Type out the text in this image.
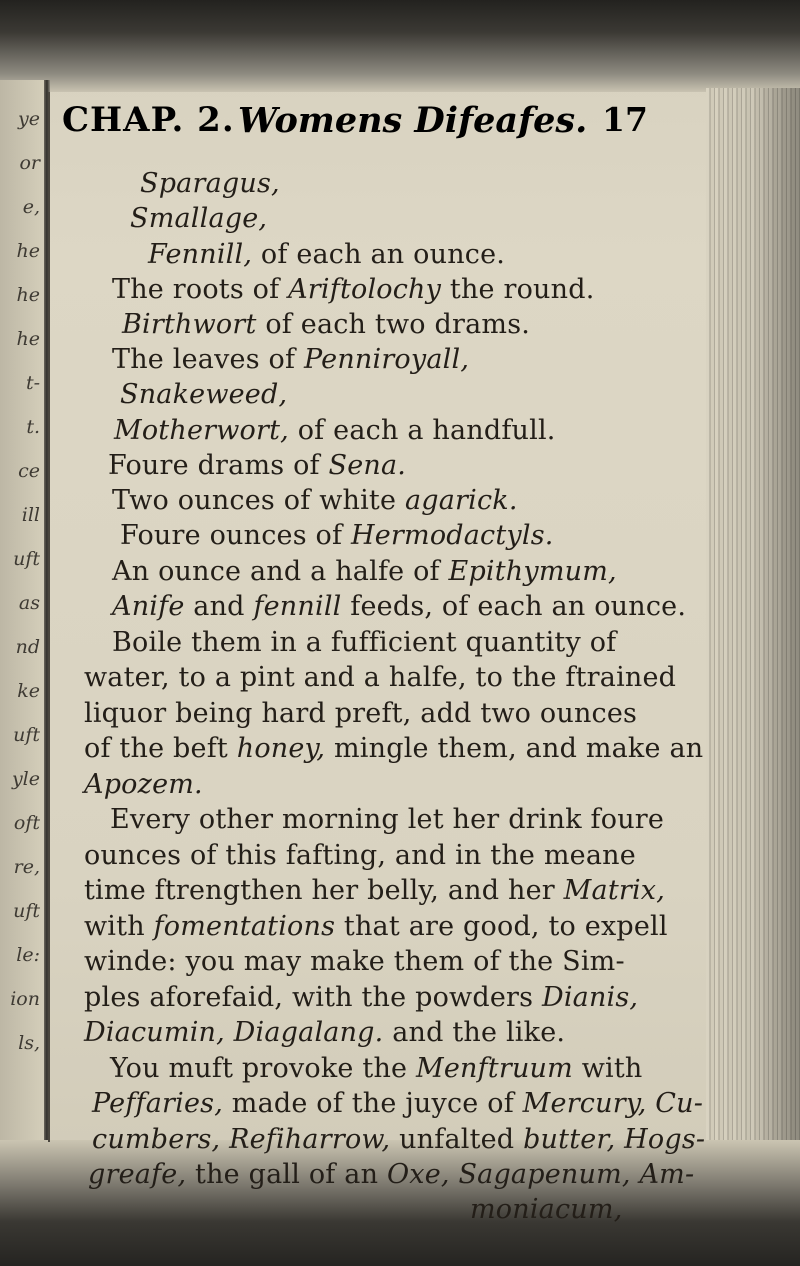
ye
or
e,
he
he
he
t-
t.
ce
ill
uft
as
nd
ke
uft
yle
oft
re,
uft
le:
ion
ls,
CHAP. 2. Womens Difeafes. 17
Sparagus,
Smallage,
Fennill, of each an ounce.
The roots of Ariftolochy the round.
Birthwort of each two drams.
The leaves of Penniroyall,
Snakeweed,
Motherwort, of each a handfull.
Foure drams of Sena.
Two ounces of white agarick.
Foure ounces of Hermodactyls.
An ounce and a halfe of Epithymum,
Anife and fennill feeds, of each an ounce.
Boile them in a fufficient quantity of
water, to a pint and a halfe, to the ftrained
liquor being hard preft, add two ounces
of the beft honey, mingle them, and make an
Apozem.
Every other morning let her drink foure
ounces of this fafting, and in the meane
time ftrengthen her belly, and her Matrix,
with fomentations that are good, to expell
winde: you may make them of the Sim-
ples aforefaid, with the powders Dianis,
Diacumin, Diagalang. and the like.
You muft provoke the Menftruum with
Peffaries, made of the juyce of Mercury, Cu-
cumbers, Refiharrow, unfalted butter, Hogs-
greafe, the gall of an Oxe, Sagapenum, Am-
moniacum,
